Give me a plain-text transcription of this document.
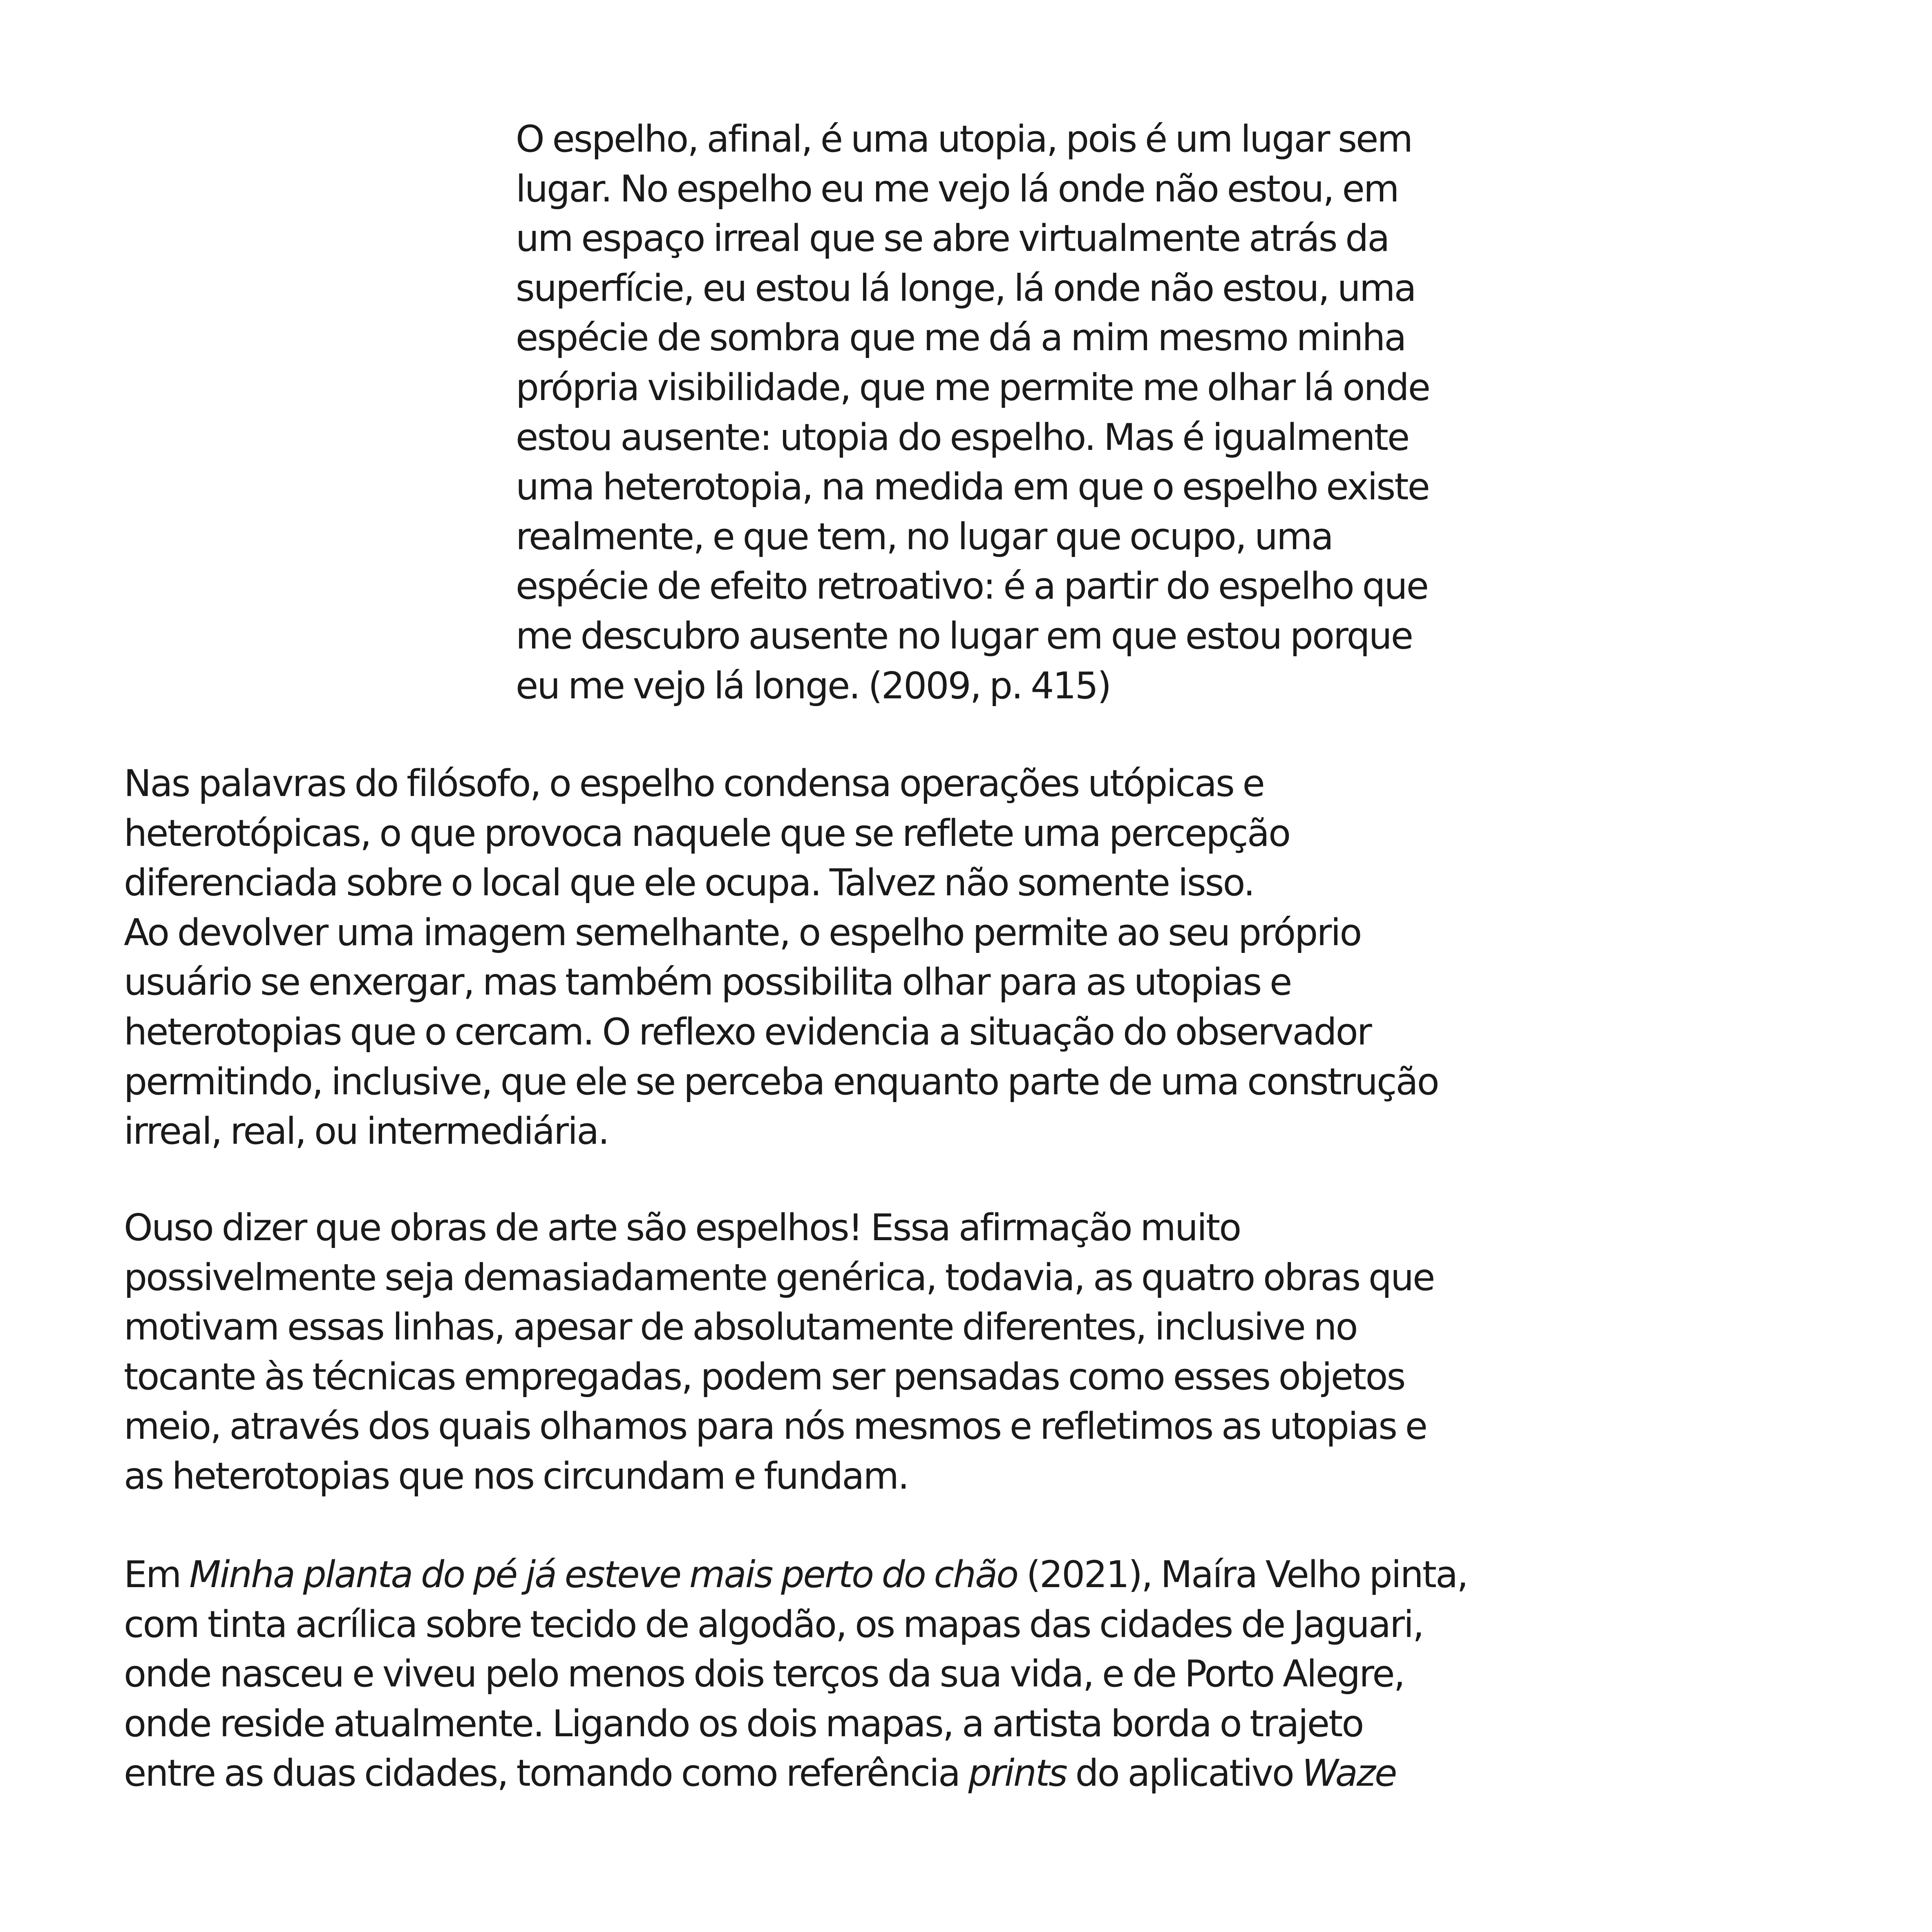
O espelho, afinal, é uma utopia, pois é um lugar sem
lugar. No espelho eu me vejo lá onde não estou, em
um espaço irreal que se abre virtualmente atrás da
superfície, eu estou lá longe, lá onde não estou, uma
espécie de sombra que me dá a mim mesmo minha
própria visibilidade, que me permite me olhar lá onde
estou ausente: utopia do espelho. Mas é igualmente
uma heterotopia, na medida em que o espelho existe
realmente, e que tem, no lugar que ocupo, uma
espécie de efeito retroativo: é a partir do espelho que
me descubro ausente no lugar em que estou porque
eu me vejo lá longe. (2009, p. 415)
Nas palavras do filósofo, o espelho condensa operações utópicas e
heterotópicas, o que provoca naquele que se reflete uma percepção
diferenciada sobre o local que ele ocupa. Talvez não somente isso.
Ao devolver uma imagem semelhante, o espelho permite ao seu próprio
usuário se enxergar, mas também possibilita olhar para as utopias e
heterotopias que o cercam. O reflexo evidencia a situação do observador
permitindo, inclusive, que ele se perceba enquanto parte de uma construção
irreal, real, ou intermediária.
Ouso dizer que obras de arte são espelhos! Essa afirmação muito
possivelmente seja demasiadamente genérica, todavia, as quatro obras que
motivam essas linhas, apesar de absolutamente diferentes, inclusive no
tocante às técnicas empregadas, podem ser pensadas como esses objetos
meio, através dos quais olhamos para nós mesmos e refletimos as utopias e
as heterotopias que nos circundam e fundam.
Em Minha planta do pé já esteve mais perto do chão (2021), Maíra Velho pinta,
com tinta acrílica sobre tecido de algodão, os mapas das cidades de Jaguari,
onde nasceu e viveu pelo menos dois terços da sua vida, e de Porto Alegre,
onde reside atualmente. Ligando os dois mapas, a artista borda o trajeto
entre as duas cidades, tomando como referência prints do aplicativo Waze
